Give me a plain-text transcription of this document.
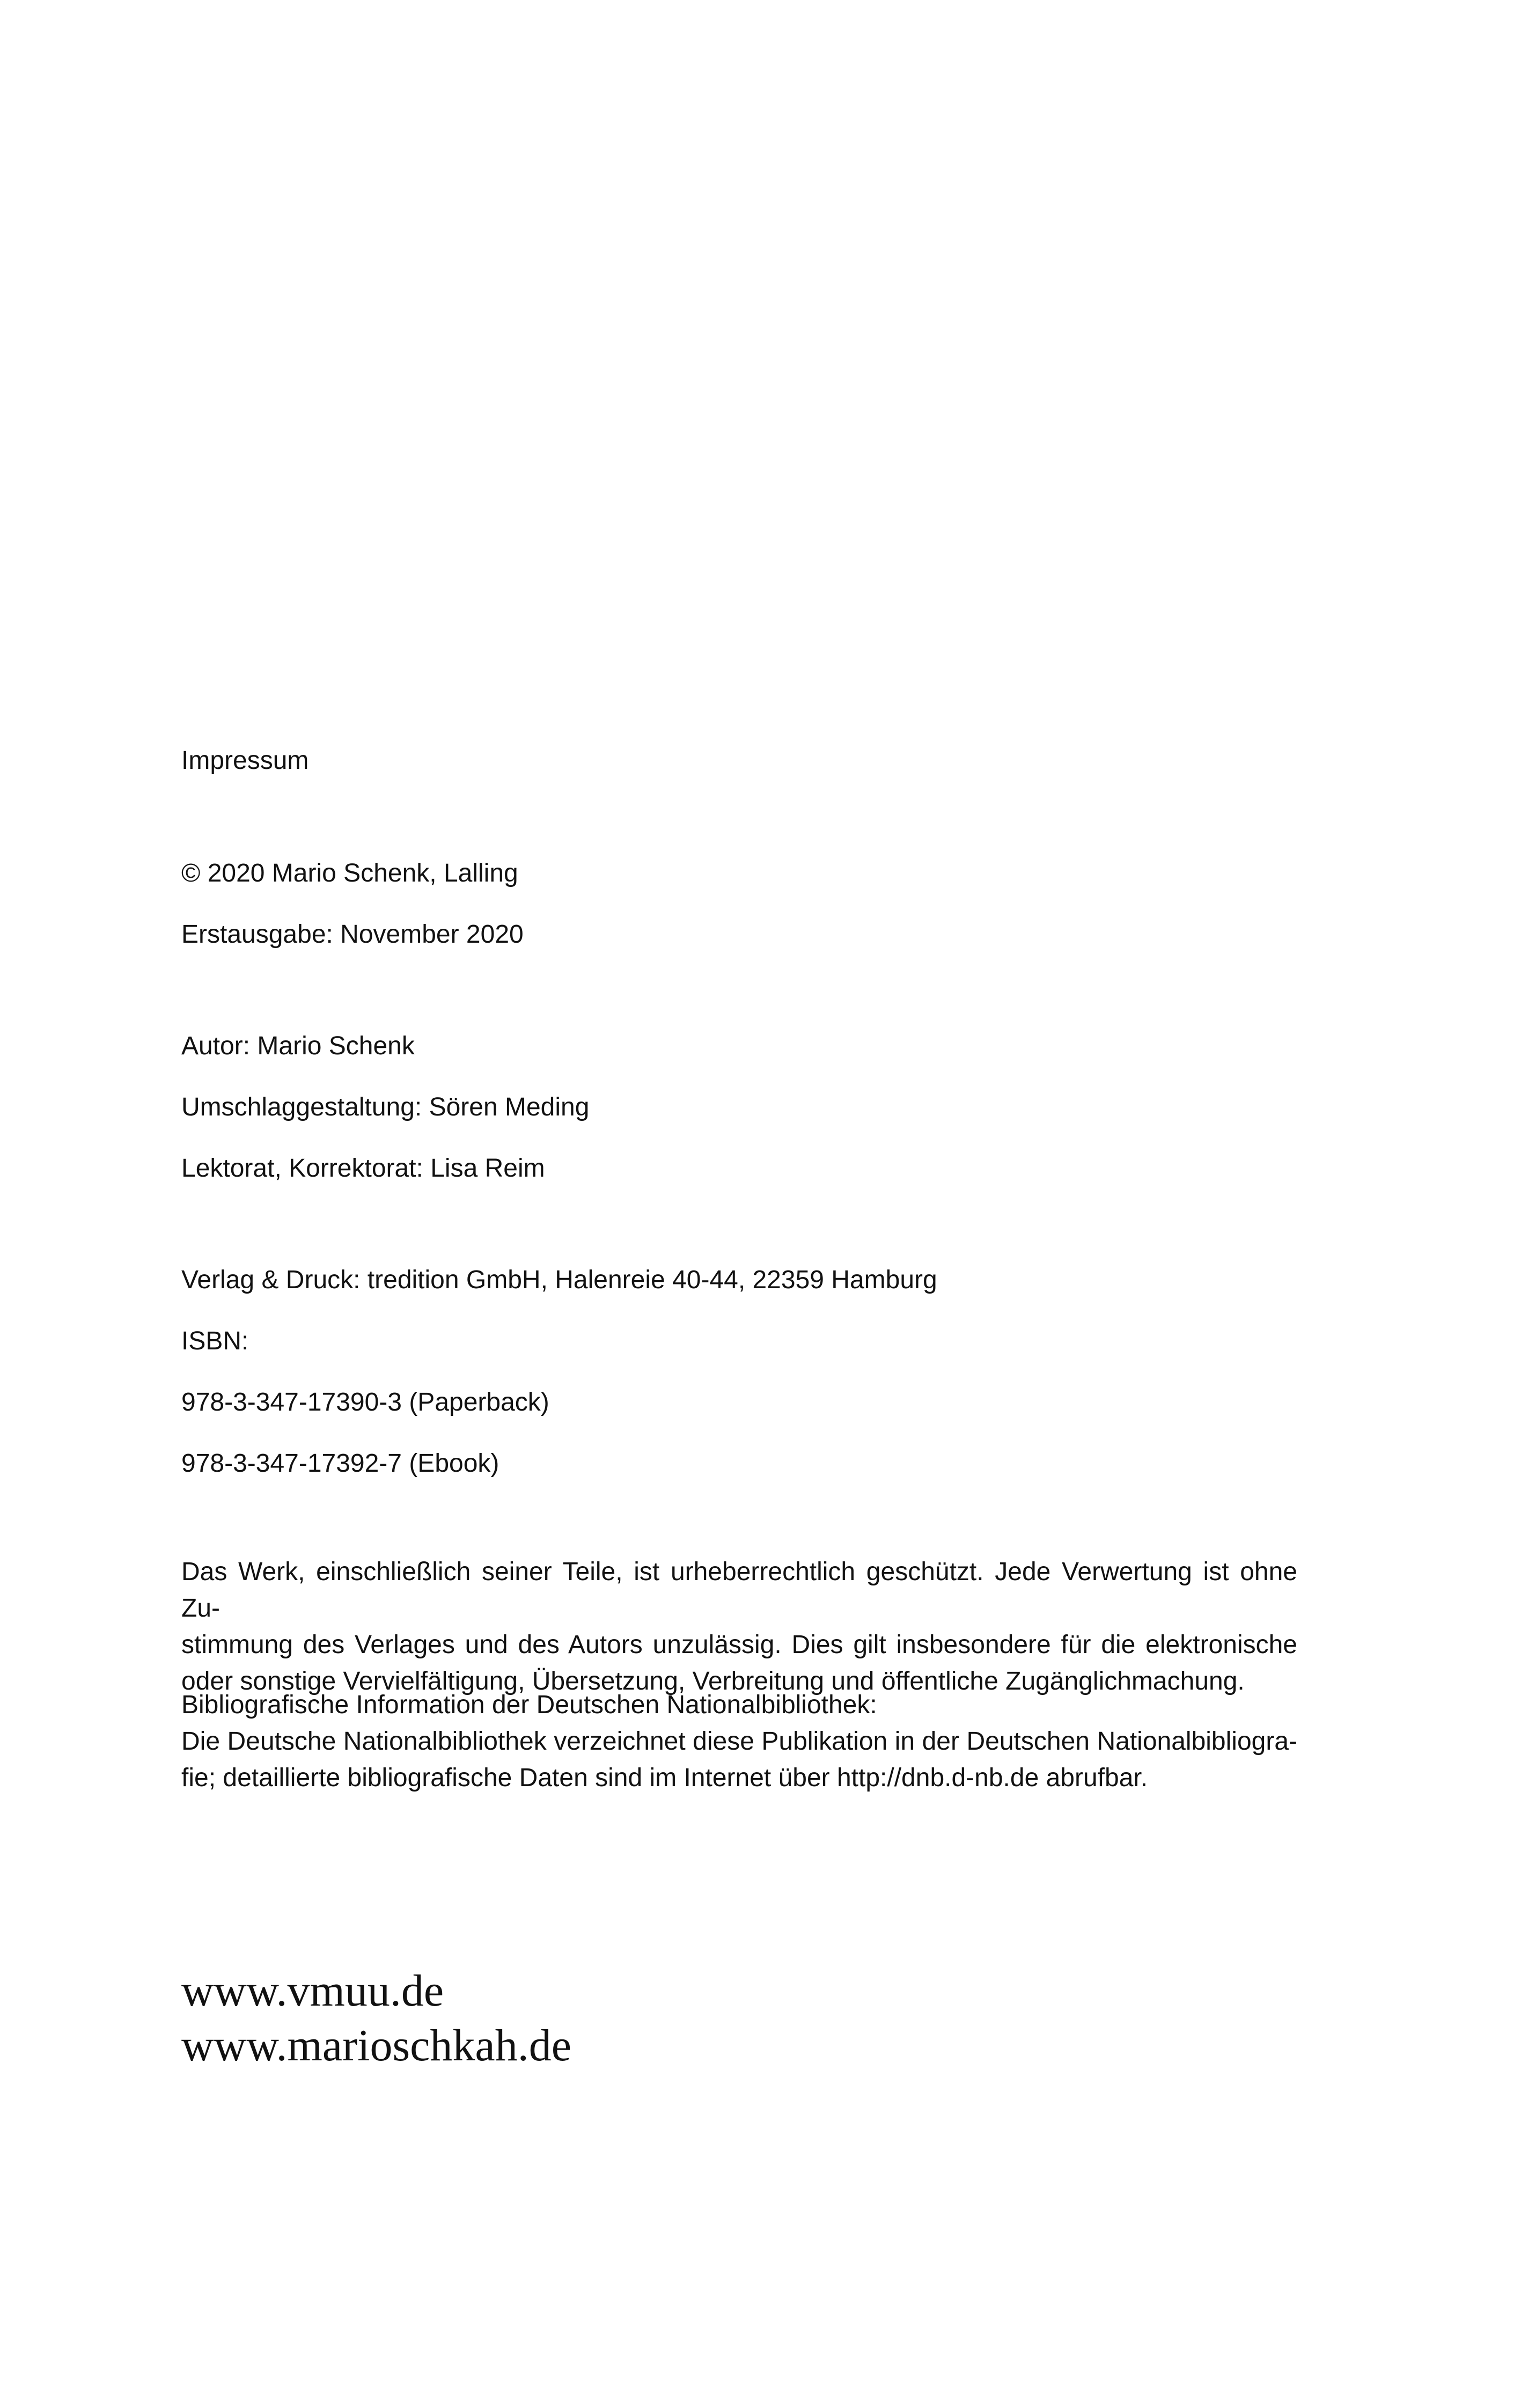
Impressum
© 2020 Mario Schenk, Lalling
Erstausgabe: November 2020
Autor: Mario Schenk
Umschlaggestaltung: Sören Meding
Lektorat, Korrektorat: Lisa Reim
Verlag & Druck: tredition GmbH, Halenreie 40-44, 22359 Hamburg
ISBN:
978-3-347-17390-3 (Paperback)
978-3-347-17392-7 (Ebook)
Das Werk, einschließlich seiner Teile, ist urheberrechtlich geschützt. Jede Verwertung ist ohne Zu-
stimmung des Verlages und des Autors unzulässig. Dies gilt insbesondere für die elektronische
oder sonstige Vervielfältigung, Übersetzung, Verbreitung und öffentliche Zugänglichmachung.
Bibliografische Information der Deutschen Nationalbibliothek:
Die Deutsche Nationalbibliothek verzeichnet diese Publikation in der Deutschen Nationalbibliogra-
fie; detaillierte bibliografische Daten sind im Internet über http://dnb.d-nb.de abrufbar.
www.vmuu.de
www.marioschkah.de
